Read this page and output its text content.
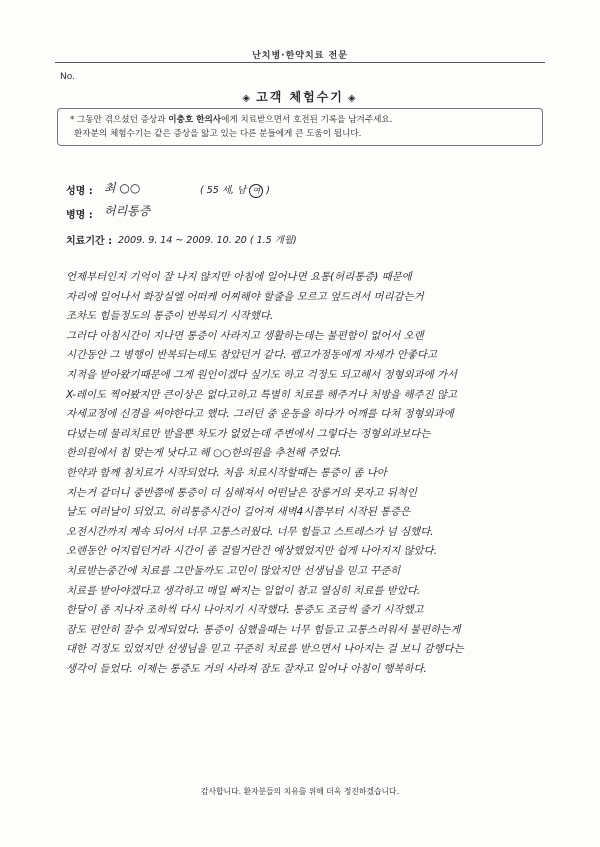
난치병·한약치료 전문
No.
◈ 고객 체험수기 ◈
* 그동안 겪으셨던 증상과 이충호 한의사에게 치료받으면서 호전된 기록을 남겨주세요.
환자분의 체험수기는 같은 증상을 앓고 있는 다른 분들에게 큰 도움이 됩니다.
성명 : 최 ○○	( 55 세, 남 여 )
병명 : 허리통증
치료기간 : 2009. 9. 14 ~ 2009. 10. 20 ( 1.5 개월)
언제부터인지 기억이 잘 나지 않지만 아침에 일어나면 요통(허리통증) 때문에
자리에 일어나서 화장실엘 어떠케 어찌해야 할줄을 모르고 엎드려서 머리감는거
조차도 힘들정도의 통증이 반복되기 시작했다.
그러다 아침시간이 지나면 통증이 사라지고 생활하는데는 불편함이 없어서 오랜
시간동안 그 병행이 반복되는데도 참았던거 같다. 펩고가정동에게 자세가 안좋다고
지적을 받아왔기때문에 그게 원인이겠다 싶기도 하고 걱정도 되고해서 정형외과에 가서
X-레이도 찍어봤지만 큰이상은 없다고하고 특별히 치료를 해주거나 처방을 해주진 않고
자세교정에 신경을 써야한다고 했다. 그러던 중 운동을 하다가 어깨를 다쳐 정형외과에
다녔는데 물리치료만 받을뿐 차도가 없었는데 주변에서 그렇다는 정형외과보다는
한의원에서 침 맞는게 낫다고 해 ○○한의원을 추천해 주었다.
한약과 함께 침치료가 시작되었다. 처음 치료시작할때는 통증이 좀 나아
지는거 같더니 중반쯤에 통증이 더 심해져서 어떤날은 장롱거의 못자고 뒤척인
날도 여러날이 되었고. 허리통증시간이 길어져 새벽4시쯤부터 시작된 통증은
오전시간까지 계속 되어서 너무 고통스러웠다. 너무 힘들고 스트레스가 넘 심했다.
오랜동안 어지럽던거라 시간이 좀 걸릴거란건 예상했었지만 쉽게 나아지지 않았다.
치료받는중간에 치료를 그만둘까도 고민이 많았지만 선생님을 믿고 꾸준히
치료를 받아야겠다고 생각하고 매일 빠지는 일없이 참고 열심히 치료를 받았다.
한달이 좀 지나자 조하씩 다시 나아지기 시작했다. 통증도 조금씩 줄기 시작했고
잠도 편안히 잘수 있게되었다. 통증이 심했을때는 너무 힘들고 고통스러워서 불편하는게
대한 걱정도 있었지만 선생님을 믿고 꾸준히 치료를 받으면서 나아지는 걸 보니 감행다는
생각이 들었다. 이제는 통증도 거의 사라져 잠도 잘자고 일어나 아침이 행복하다.
감사합니다. 환자분들의 치유를 위해 더욱 정진하겠습니다.
